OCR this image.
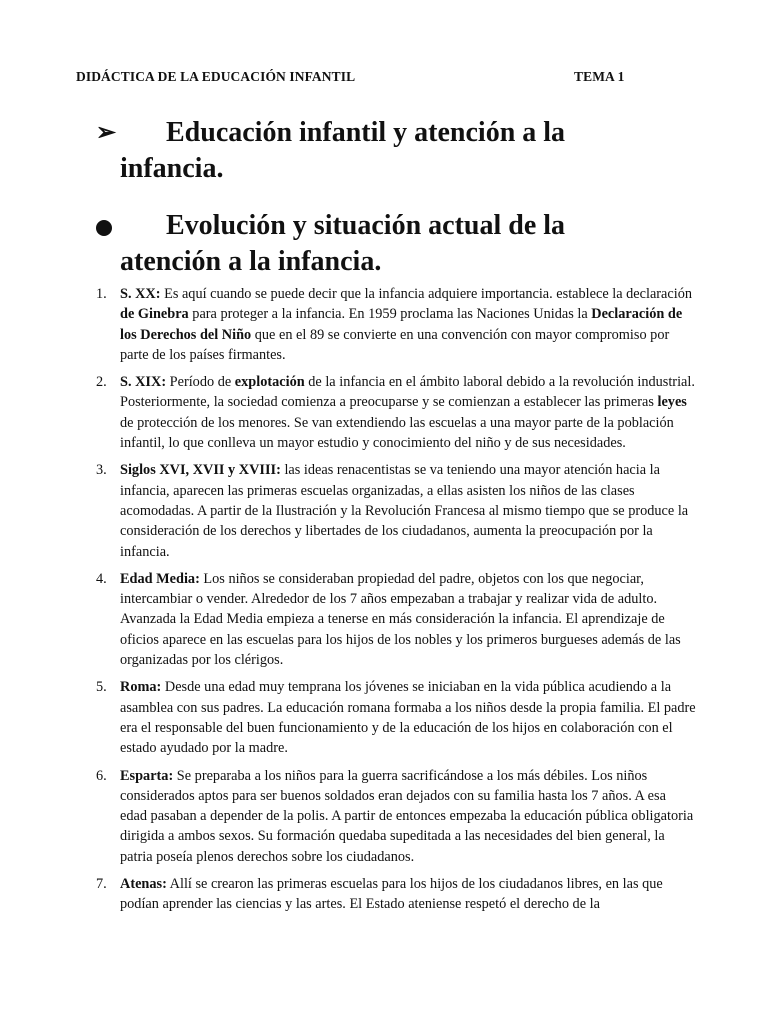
DIDÁCTICA DE LA EDUCACIÓN INFANTIL	TEMA 1
➢	Educación infantil y atención a la
infancia.
Evolución y situación actual de la
atención a la infancia.
1. S. XX: Es aquí cuando se puede decir que la infancia adquiere importancia. establece la declaración de Ginebra para proteger a la infancia. En 1959 proclama las Naciones Unidas la Declaración de los Derechos del Niño que en el 89 se convierte en una convención con mayor compromiso por parte de los países firmantes.
2. S. XIX: Período de explotación de la infancia en el ámbito laboral debido a la revolución industrial. Posteriormente, la sociedad comienza a preocuparse y se comienzan a establecer las primeras leyes de protección de los menores. Se van extendiendo las escuelas a una mayor parte de la población infantil, lo que conlleva un mayor estudio y conocimiento del niño y de sus necesidades.
3. Siglos XVI, XVII y XVIII: las ideas renacentistas se va teniendo una mayor atención hacia la infancia, aparecen las primeras escuelas organizadas, a ellas asisten los niños de las clases acomodadas. A partir de la Ilustración y la Revolución Francesa al mismo tiempo que se produce la consideración de los derechos y libertades de los ciudadanos, aumenta la preocupación por la infancia.
4. Edad Media: Los niños se consideraban propiedad del padre, objetos con los que negociar, intercambiar o vender. Alrededor de los 7 años empezaban a trabajar y realizar vida de adulto. Avanzada la Edad Media empieza a tenerse en más consideración la infancia. El aprendizaje de oficios aparece en las escuelas para los hijos de los nobles y los primeros burgueses además de las organizadas por los clérigos.
5. Roma: Desde una edad muy temprana los jóvenes se iniciaban en la vida pública acudiendo a la asamblea con sus padres. La educación romana formaba a los niños desde la propia familia. El padre era el responsable del buen funcionamiento y de la educación de los hijos en colaboración con el estado ayudado por la madre.
6. Esparta: Se preparaba a los niños para la guerra sacrificándose a los más débiles. Los niños considerados aptos para ser buenos soldados eran dejados con su familia hasta los 7 años. A esa edad pasaban a depender de la polis. A partir de entonces empezaba la educación pública obligatoria dirigida a ambos sexos. Su formación quedaba supeditada a las necesidades del bien general, la patria poseía plenos derechos sobre los ciudadanos.
7. Atenas: Allí se crearon las primeras escuelas para los hijos de los ciudadanos libres, en las que podían aprender las ciencias y las artes. El Estado ateniense respetó el derecho de la
